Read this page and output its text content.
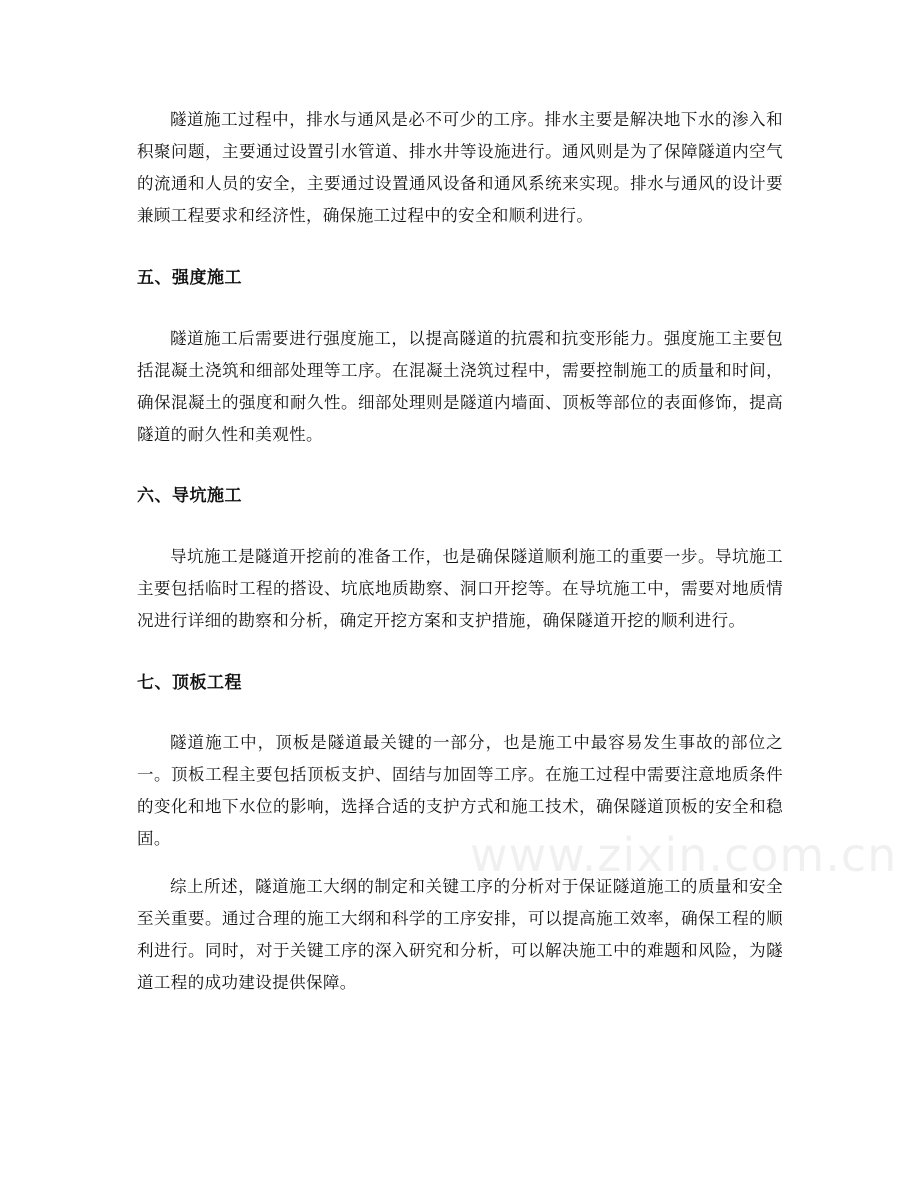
隧道施工过程中，排水与通风是必不可少的工序。排水主要是解决地下水的渗入和积聚问题，主要通过设置引水管道、排水井等设施进行。通风则是为了保障隧道内空气的流通和人员的安全，主要通过设置通风设备和通风系统来实现。排水与通风的设计要兼顾工程要求和经济性，确保施工过程中的安全和顺利进行。

五、强度施工

隧道施工后需要进行强度施工，以提高隧道的抗震和抗变形能力。强度施工主要包括混凝土浇筑和细部处理等工序。在混凝土浇筑过程中，需要控制施工的质量和时间，确保混凝土的强度和耐久性。细部处理则是隧道内墙面、顶板等部位的表面修饰，提高隧道的耐久性和美观性。

六、导坑施工

导坑施工是隧道开挖前的准备工作，也是确保隧道顺利施工的重要一步。导坑施工主要包括临时工程的搭设、坑底地质勘察、洞口开挖等。在导坑施工中，需要对地质情况进行详细的勘察和分析，确定开挖方案和支护措施，确保隧道开挖的顺利进行。

七、顶板工程

隧道施工中，顶板是隧道最关键的一部分，也是施工中最容易发生事故的部位之一。顶板工程主要包括顶板支护、固结与加固等工序。在施工过程中需要注意地质条件的变化和地下水位的影响，选择合适的支护方式和施工技术，确保隧道顶板的安全和稳固。

综上所述，隧道施工大纲的制定和关键工序的分析对于保证隧道施工的质量和安全至关重要。通过合理的施工大纲和科学的工序安排，可以提高施工效率，确保工程的顺利进行。同时，对于关键工序的深入研究和分析，可以解决施工中的难题和风险，为隧道工程的成功建设提供保障。

www.zixin.com.cn
